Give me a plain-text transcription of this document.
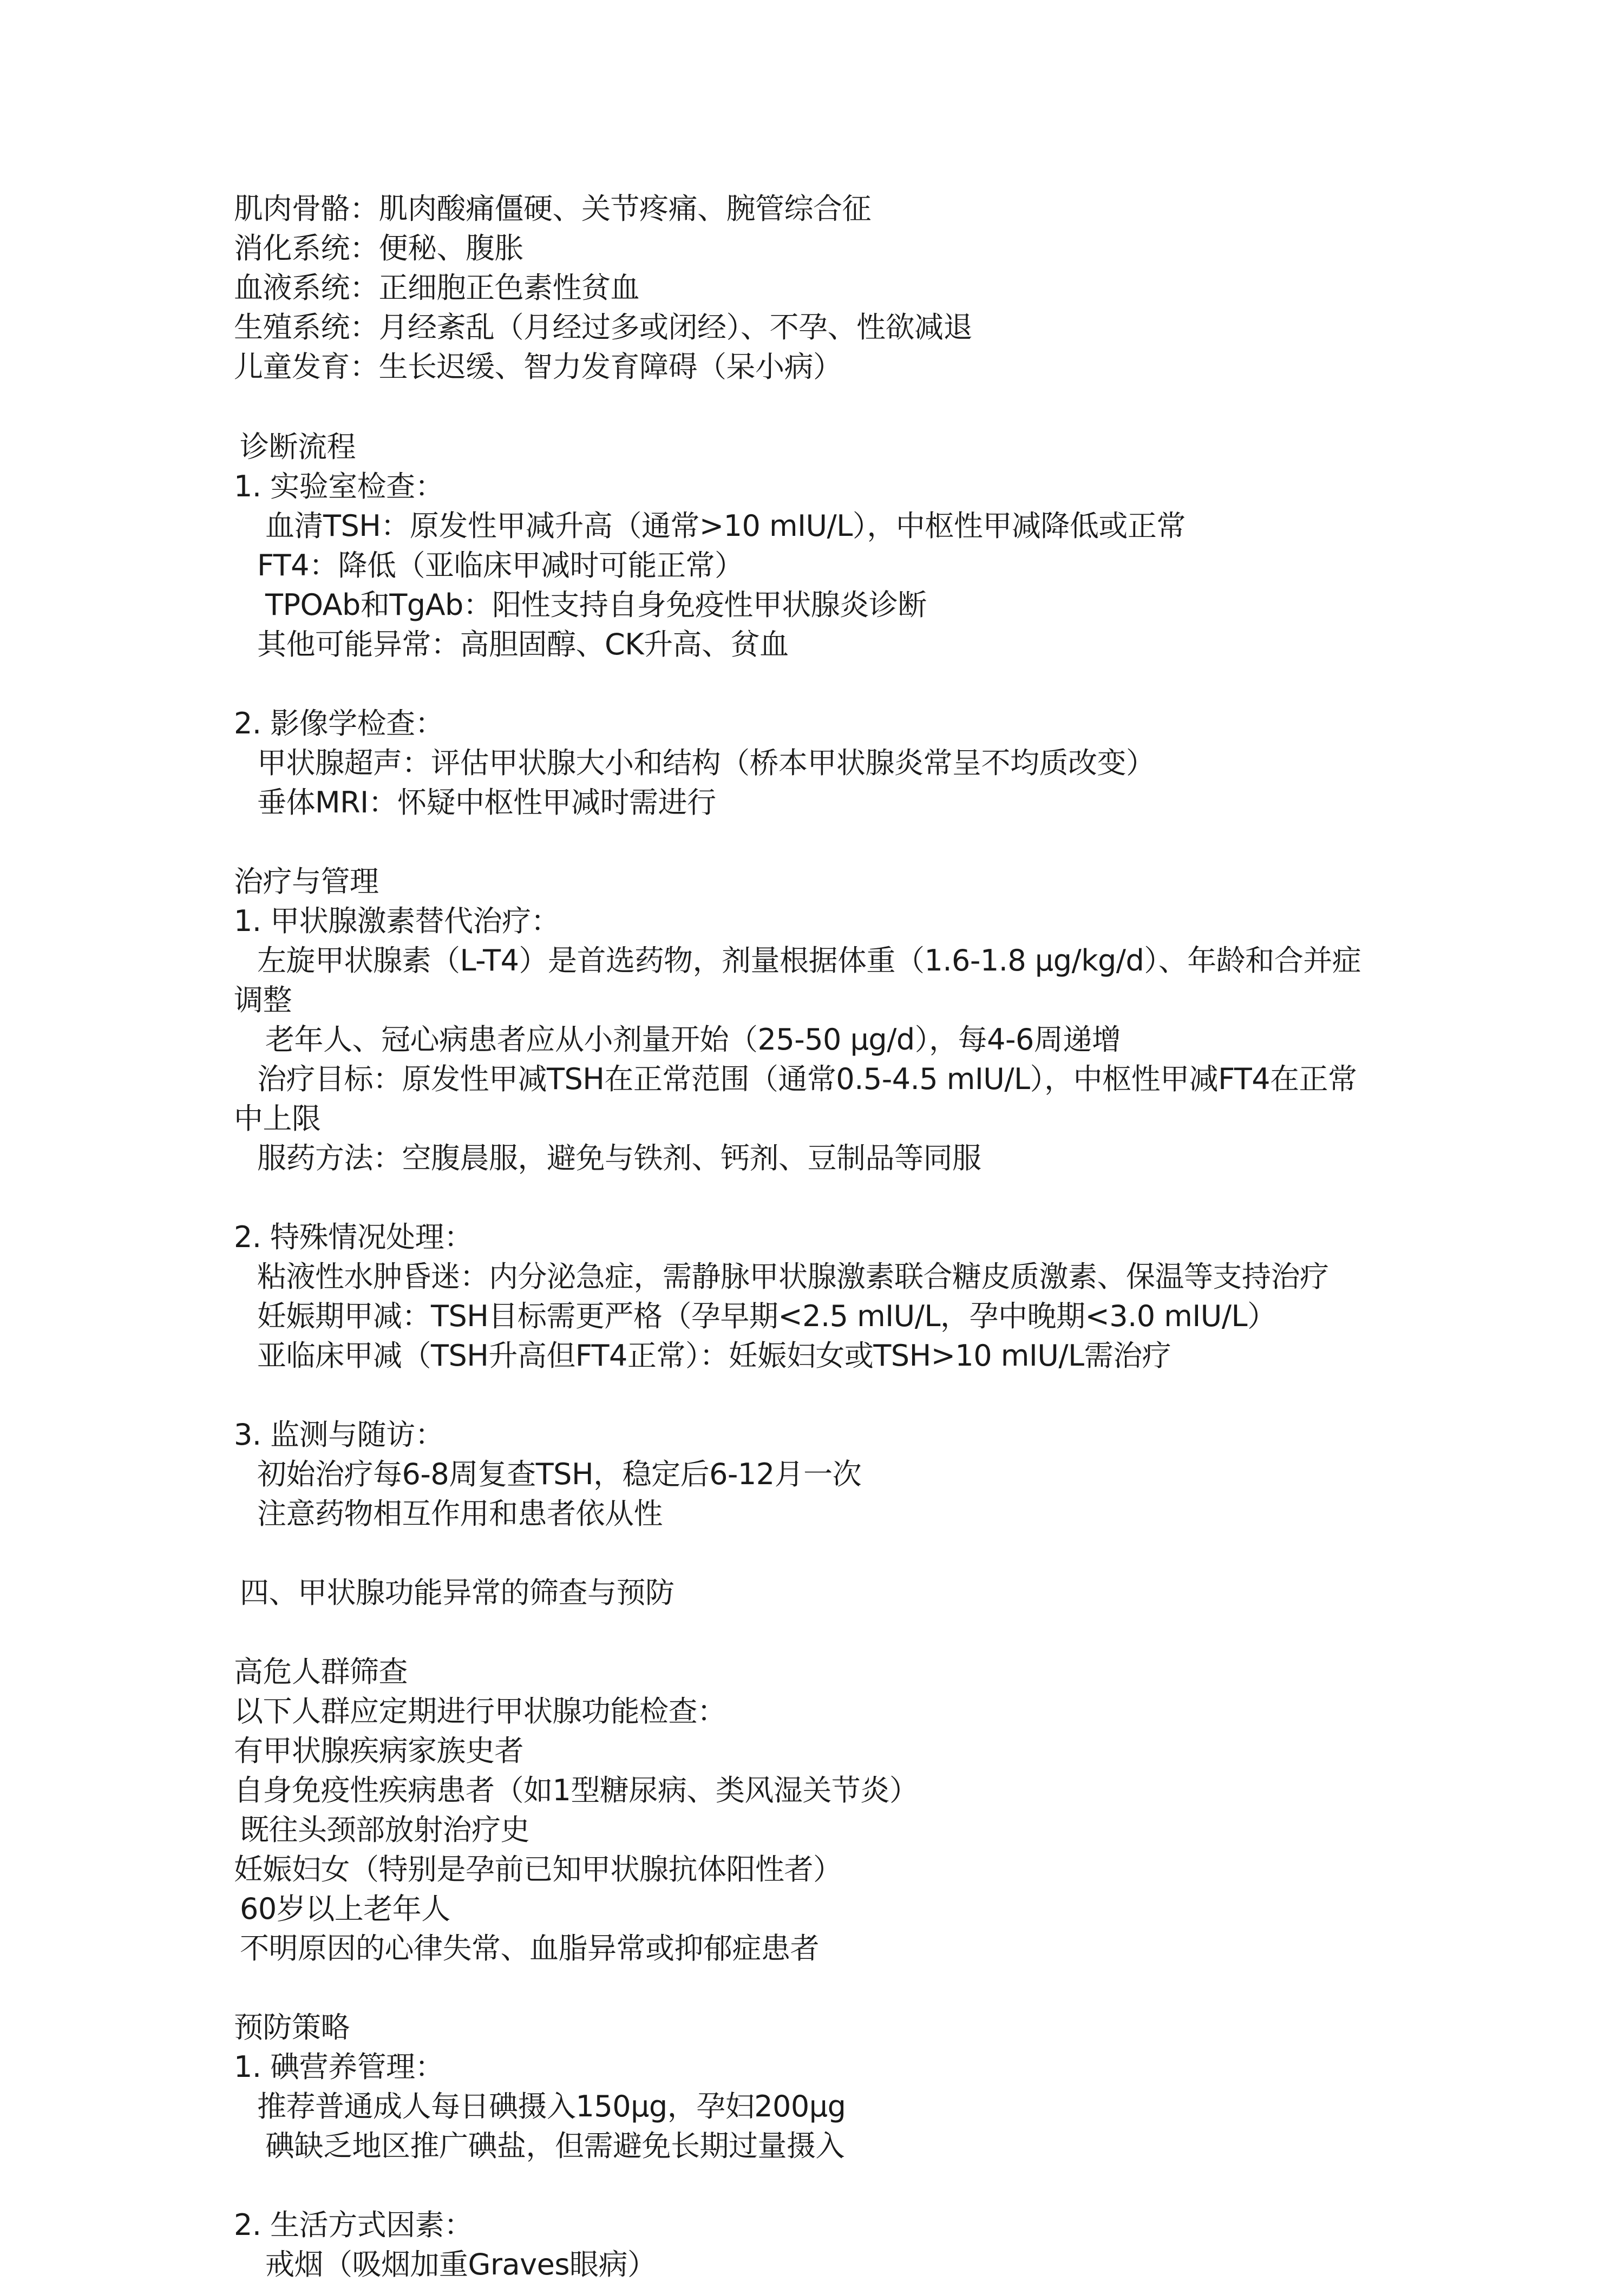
肌肉骨骼：肌肉酸痛僵硬、关节疼痛、腕管综合征
消化系统：便秘、腹胀
血液系统：正细胞正色素性贫血
生殖系统：月经紊乱（月经过多或闭经）、不孕、性欲减退
儿童发育：生长迟缓、智力发育障碍（呆小病）
诊断流程
1. 实验室检查：
血清TSH：原发性甲减升高（通常>10 mIU/L），中枢性甲减降低或正常
FT4：降低（亚临床甲减时可能正常）
TPOAb和TgAb：阳性支持自身免疫性甲状腺炎诊断
其他可能异常：高胆固醇、CK升高、贫血
2. 影像学检查：
甲状腺超声：评估甲状腺大小和结构（桥本甲状腺炎常呈不均质改变）
垂体MRI：怀疑中枢性甲减时需进行
治疗与管理
1. 甲状腺激素替代治疗：
左旋甲状腺素（L-T4）是首选药物，剂量根据体重（1.6-1.8 μg/kg/d）、年龄和合并症
调整
老年人、冠心病患者应从小剂量开始（25-50 μg/d），每4-6周递增
治疗目标：原发性甲减TSH在正常范围（通常0.5-4.5 mIU/L），中枢性甲减FT4在正常
中上限
服药方法：空腹晨服，避免与铁剂、钙剂、豆制品等同服
2. 特殊情况处理：
粘液性水肿昏迷：内分泌急症，需静脉甲状腺激素联合糖皮质激素、保温等支持治疗
妊娠期甲减：TSH目标需更严格（孕早期<2.5 mIU/L，孕中晚期<3.0 mIU/L）
亚临床甲减（TSH升高但FT4正常）：妊娠妇女或TSH>10 mIU/L需治疗
3. 监测与随访：
初始治疗每6-8周复查TSH，稳定后6-12月一次
注意药物相互作用和患者依从性
四、甲状腺功能异常的筛查与预防
高危人群筛查
以下人群应定期进行甲状腺功能检查：
有甲状腺疾病家族史者
自身免疫性疾病患者（如1型糖尿病、类风湿关节炎）
既往头颈部放射治疗史
妊娠妇女（特别是孕前已知甲状腺抗体阳性者）
60岁以上老年人
不明原因的心律失常、血脂异常或抑郁症患者
预防策略
1. 碘营养管理：
推荐普通成人每日碘摄入150μg，孕妇200μg
碘缺乏地区推广碘盐，但需避免长期过量摄入
2. 生活方式因素：
戒烟（吸烟加重Graves眼病）
